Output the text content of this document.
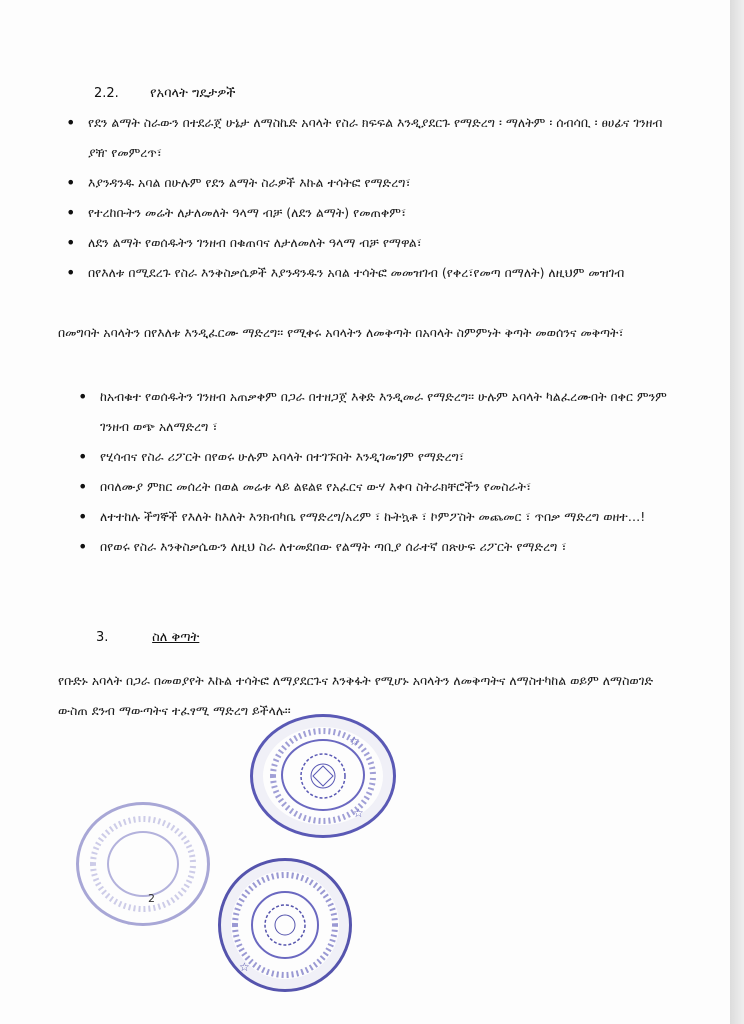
2.2. የአባላት ግዴታዎች
• የደን ልማት ስራውን በተደራጀ ሁኔታ ለማስኬድ አባላት የስራ ክፍፍል እንዲያደርጉ የማድረግ ፡ ማለትም ፡ ሰብሳቢ ፡ ፀሀፊና ገንዘብ ያዥ የመምረጥ፣
• እያንዳንዱ አባል በሁሉም የደን ልማት ስራዎች እኩል ተሳትፎ የማድረግ፣
• የተረከቡትን መሬት ለታለመለት ዓላማ ብቻ (ለደን ልማት) የመጠቀም፣
• ለደን ልማት የወሰዱትን ገንዘብ በቁጠባና ለታለመለት ዓላማ ብቻ የማዋል፣
• በየእለቱ በሚደረጉ የስራ እንቅስቃሴዎች እያንዳንዱን አባል ተሳትፎ መመዝገብ (የቀረ፣የመጣ በማለት) ለዚህም መዝገብ
በመግባት አባላትን በየእለቱ እንዲፈርሙ ማድረግ፡፡ የሚቀሩ አባላትን ለመቅጣት በአባላት ስምምነት ቅጣት መወሰንና መቅጣት፣
• ከአብቁተ የወሰዱትን ገንዘብ አጠቃቀም በጋራ በተዘጋጀ እቅድ እንዲመራ የማድረግ፡፡ ሁሉም አባላት ካልፈረሙበት በቀር ምንም ገንዘብ ወጭ አለማድረግ ፣
• የሂሳብና የስራ ሪፖርት በየወሩ ሁሉም አባላት በተገኙበት እንዲገመገም የማድረግ፣
• በባለሙያ ምክር መሰረት በወል መሬቱ ላይ ልዩልዩ የአፈርና ውሃ እቀባ ስትራክቸሮችን የመስራት፣
• ለተተከሉ ችግኞች የእለት ከእለት እንክብካቤ የማድረግ/አረም ፣ ኩትኳቶ ፣ ኮምፖስት መጨመር ፣ ጥበቃ ማድረግ ወዘተ…!
• በየወሩ የስራ እንቅስቃሴውን ለዚህ ስራ ለተመደበው የልማት ጣቢያ ሰራተኛ በጽሁፍ ሪፖርት የማድረግ ፣
3.	ስለ ቅጣት
የቡድኑ አባላት በጋራ በመወያየት እኩል ተሳትፎ ለማያደርጉና እንቅፋት የሚሆኑ አባላትን ለመቅጣትና ለማስተካከል ወይም ለማስወገድ ውስጠ ደንብ ማውጣትና ተፈፃሚ ማድረግ ይችላሉ፡፡
☆
☆
☆
2
